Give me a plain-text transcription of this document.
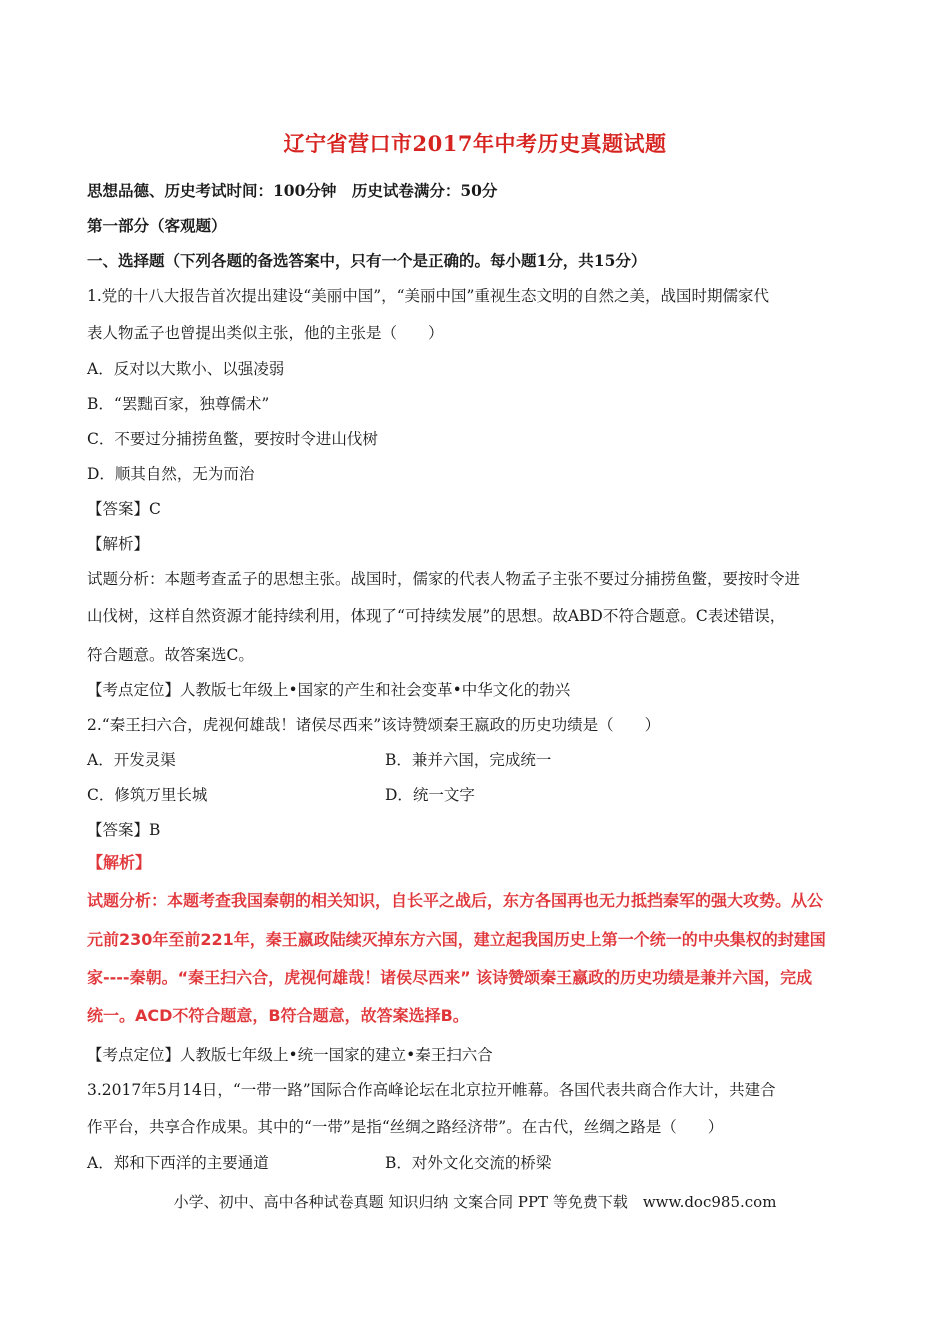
辽宁省营口市2017年中考历史真题试题
思想品德、历史考试时间：100分钟　历史试卷满分：50分
第一部分（客观题）
一、选择题（下列各题的备选答案中，只有一个是正确的。每小题1分，共15分）
1.党的十八大报告首次提出建设“美丽中国”，“美丽中国”重视生态文明的自然之美，战国时期儒家代
表人物孟子也曾提出类似主张，他的主张是（　　）
A．反对以大欺小、以强凌弱
B．“罢黜百家，独尊儒术”
C．不要过分捕捞鱼鳖，要按时令进山伐树
D．顺其自然，无为而治
【答案】C
【解析】
试题分析：本题考查孟子的思想主张。战国时，儒家的代表人物孟子主张不要过分捕捞鱼鳖，要按时令进
山伐树，这样自然资源才能持续利用，体现了“可持续发展”的思想。故ABD不符合题意。C表述错误，
符合题意。故答案选C。
【考点定位】人教版七年级上•国家的产生和社会变革•中华文化的勃兴
2.“秦王扫六合，虎视何雄哉！诸侯尽西来”该诗赞颂秦王嬴政的历史功绩是（　　）
A．开发灵渠	B．兼并六国，完成统一
C．修筑万里长城	D．统一文字
【答案】B
【解析】
试题分析：本题考查我国秦朝的相关知识，自长平之战后，东方各国再也无力抵挡秦军的强大攻势。从公
元前230年至前221年，秦王嬴政陆续灭掉东方六国，建立起我国历史上第一个统一的中央集权的封建国
家----秦朝。“秦王扫六合，虎视何雄哉！诸侯尽西来” 该诗赞颂秦王嬴政的历史功绩是兼并六国，完成
统一。ACD不符合题意，B符合题意，故答案选择B。
【考点定位】人教版七年级上•统一国家的建立•秦王扫六合
3.2017年5月14日，“一带一路”国际合作高峰论坛在北京拉开帷幕。各国代表共商合作大计，共建合
作平台，共享合作成果。其中的“一带”是指“丝绸之路经济带”。在古代，丝绸之路是（　　）
A．郑和下西洋的主要通道	B．对外文化交流的桥梁
小学、初中、高中各种试卷真题 知识归纳 文案合同 PPT 等免费下载　www.doc985.com
